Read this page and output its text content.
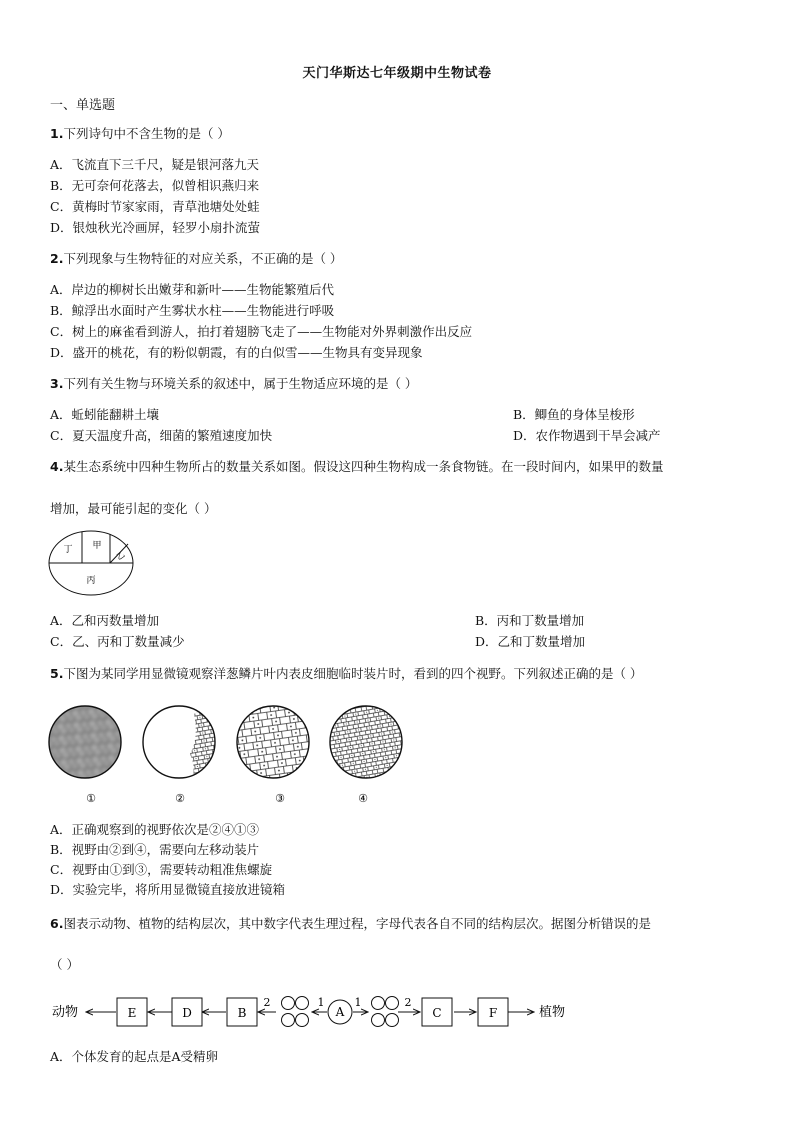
天门华斯达七年级期中生物试卷
一、单选题
1.下列诗句中不含生物的是（ ）
A．飞流直下三千尺，疑是银河落九天
B．无可奈何花落去，似曾相识燕归来
C．黄梅时节家家雨，青草池塘处处蛙
D．银烛秋光冷画屏，轻罗小扇扑流萤
2.下列现象与生物特征的对应关系，不正确的是（ ）
A．岸边的柳树长出嫩芽和新叶——生物能繁殖后代
B．鲸浮出水面时产生雾状水柱——生物能进行呼吸
C．树上的麻雀看到游人，拍打着翅膀飞走了——生物能对外界刺激作出反应
D．盛开的桃花，有的粉似朝霞，有的白似雪——生物具有变异现象
3.下列有关生物与环境关系的叙述中，属于生物适应环境的是（ ）
A．蚯蚓能翻耕土壤	B．鲫鱼的身体呈梭形
C．夏天温度升高，细菌的繁殖速度加快	D．农作物遇到干旱会减产
4.某生态系统中四种生物所占的数量关系如图。假设这四种生物构成一条食物链。在一段时间内，如果甲的数量
增加，最可能引起的变化（ ）
丁 甲
乙
丙
A．乙和丙数量增加	B．丙和丁数量增加
C．乙、丙和丁数量减少	D．乙和丁数量增加
5.下图为某同学用显微镜观察洋葱鳞片叶内表皮细胞临时装片时，看到的四个视野。下列叙述正确的是（ ）
①	②	③	④
A．正确观察到的视野依次是②④①③
B．视野由②到④，需要向左移动装片
C．视野由①到③，需要转动粗准焦螺旋
D．实验完毕，将所用显微镜直接放进镜箱
6.图表示动物、植物的结构层次，其中数字代表生理过程，字母代表各自不同的结构层次。据图分析错误的是
（ ）
动物	植物
E	D	B	A	C	F
2	1	1	2
A．个体发育的起点是A受精卵
